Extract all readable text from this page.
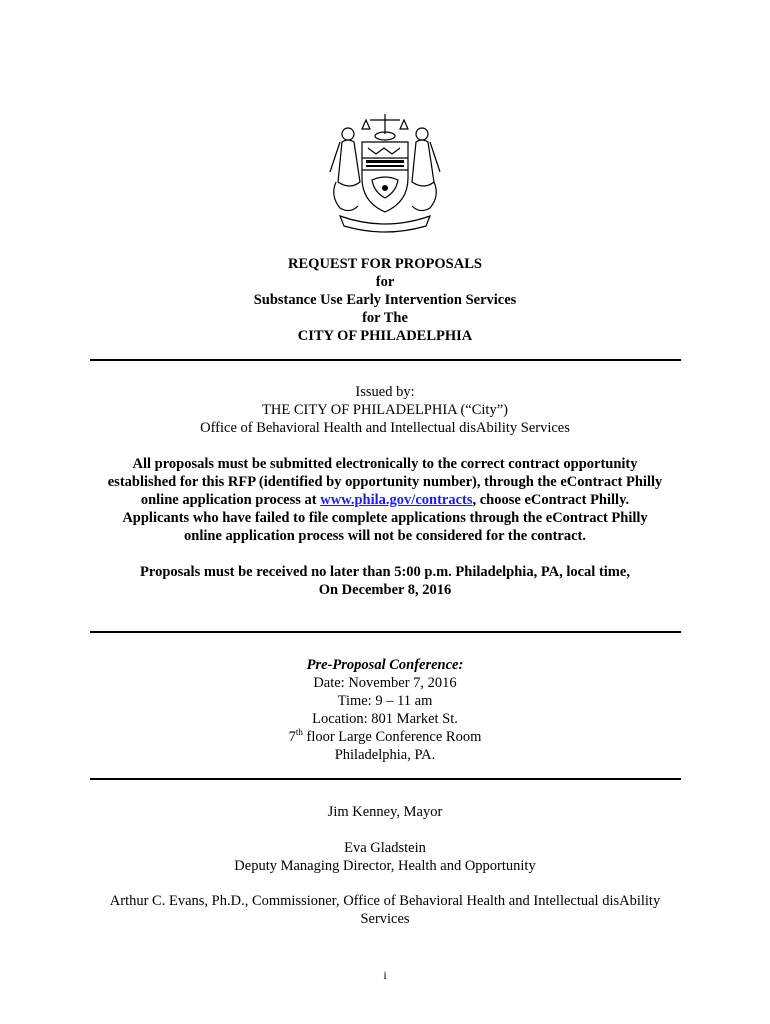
REQUEST FOR PROPOSALS
for
Substance Use Early Intervention Services
for The
CITY OF PHILADELPHIA
Issued by:
THE CITY OF PHILADELPHIA (“City”)
Office of Behavioral Health and Intellectual disAbility Services
All proposals must be submitted electronically to the correct contract opportunity
established for this RFP (identified by opportunity number), through the eContract Philly
online application process at www.phila.gov/contracts, choose eContract Philly.
Applicants who have failed to file complete applications through the eContract Philly
online application process will not be considered for the contract.
Proposals must be received no later than 5:00 p.m. Philadelphia, PA, local time,
On December 8, 2016
Pre-Proposal Conference:
Date: November 7, 2016
Time: 9 – 11 am
Location: 801 Market St.
7th floor Large Conference Room
Philadelphia, PA.
Jim Kenney, Mayor
Eva Gladstein
Deputy Managing Director, Health and Opportunity
Arthur C. Evans, Ph.D., Commissioner, Office of Behavioral Health and Intellectual disAbility
Services
i
